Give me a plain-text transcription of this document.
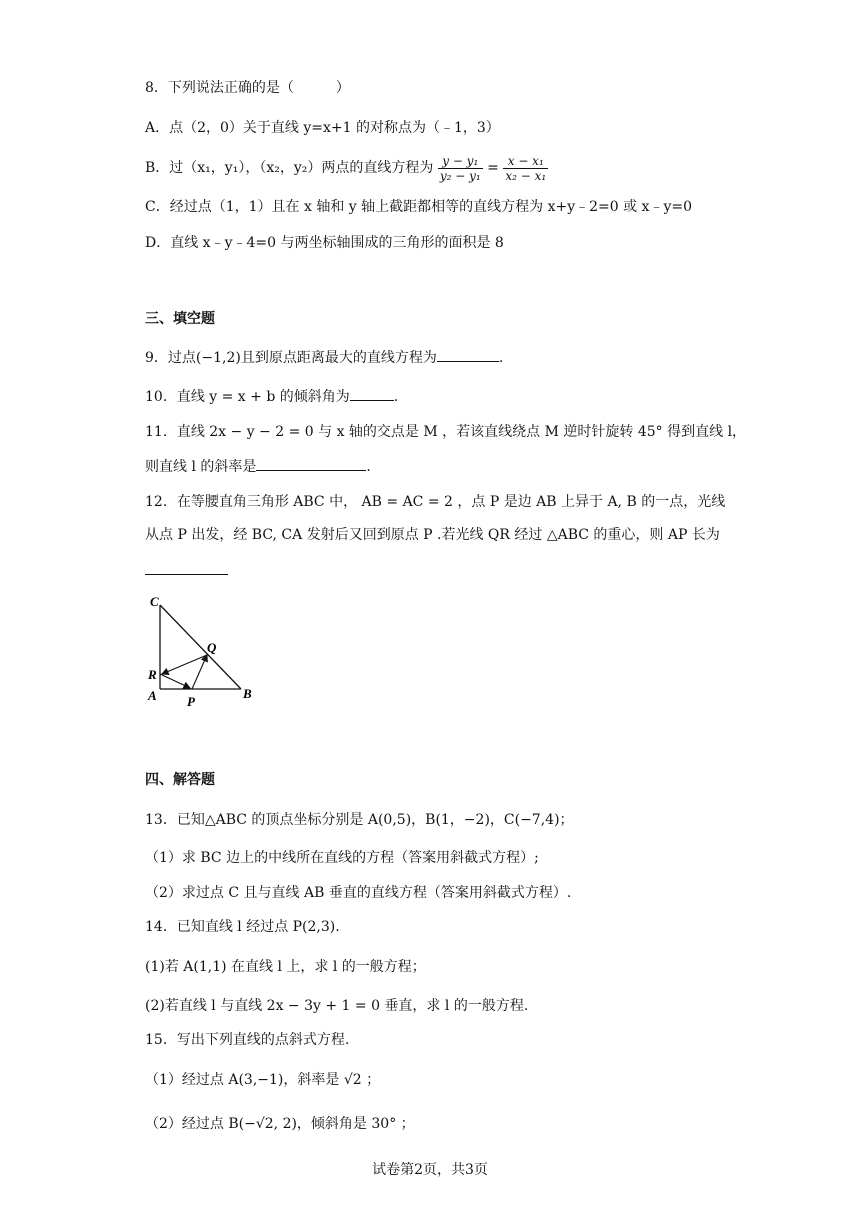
8．下列说法正确的是（　　　）
A．点（2，0）关于直线 y=x+1 的对称点为（﹣1，3）
B．过（x₁，y₁），（x₂，y₂）两点的直线方程为 $\frac{\text{y − y₁}}{\text{y₂ − y₁}} = \frac{\text{x − x₁}}{\text{x₂ − x₁}}$
C．经过点（1，1）且在 x 轴和 y 轴上截距都相等的直线方程为 x+y﹣2=0 或 x﹣y=0
D．直线 x﹣y﹣4=0 与两坐标轴围成的三角形的面积是 8
三、填空题
9．过点(−1,2)且到原点距离最大的直线方程为	.
10．直线 y = x + b 的倾斜角为	.
11．直线 2x − y − 2 = 0 与 x 轴的交点是 M ，若该直线绕点 M 逆时针旋转 45° 得到直线 l，
则直线 l 的斜率是	.
12．在等腰直角三角形 ABC 中， AB = AC = 2 ，点 P 是边 AB 上异于 A, B 的一点，光线
从点 P 出发，经 BC, CA 发射后又回到原点 P .若光线 QR 经过 △ABC 的重心，则 AP 长为
C
Q
R
A P
B
四、解答题
13．已知△ABC 的顶点坐标分别是 A(0,5)，B(1，−2)，C(−7,4)；
（1）求 BC 边上的中线所在直线的方程（答案用斜截式方程）;
（2）求过点 C 且与直线 AB 垂直的直线方程（答案用斜截式方程）.
14．已知直线 l 经过点 P(2,3).
(1)若 A(1,1) 在直线 l 上，求 l 的一般方程；
(2)若直线 l 与直线 2x − 3y + 1 = 0 垂直，求 l 的一般方程.
15．写出下列直线的点斜式方程.
（1）经过点 A(3,−1)，斜率是 √2 ；
（2）经过点 B(−√2, 2)，倾斜角是 30° ；
试卷第2页，共3页
